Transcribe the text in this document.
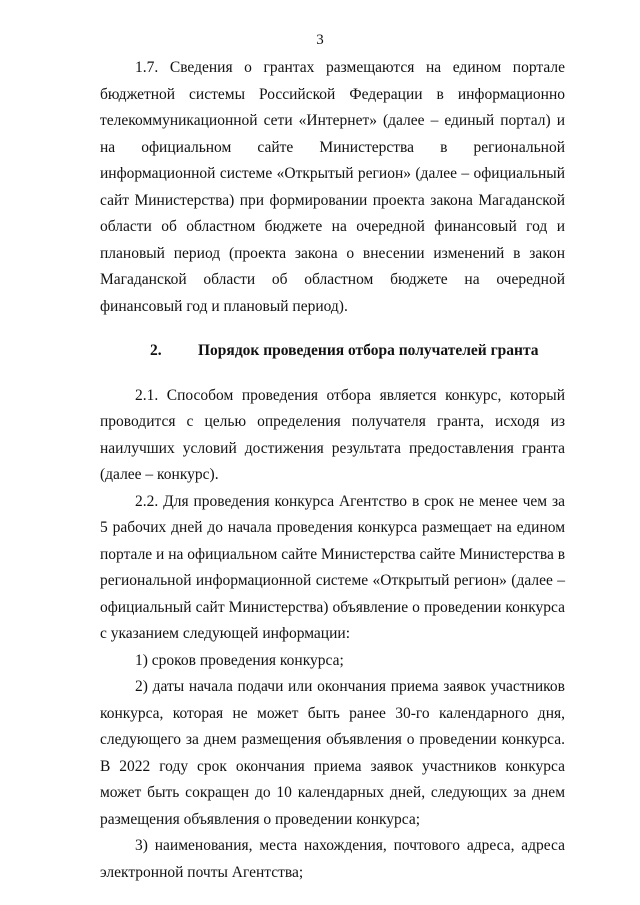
3

1.7. Сведения о грантах размещаются на едином портале бюджетной системы Российской Федерации в информационно телекоммуникационной сети «Интернет» (далее – единый портал) и на официальном сайте Министерства в региональной информационной системе «Открытый регион» (далее – официальный сайт Министерства) при формировании проекта закона Магаданской области об областном бюджете на очередной финансовый год и плановый период (проекта закона о внесении изменений в закон Магаданской области об областном бюджете на очередной финансовый год и плановый период).

2. Порядок проведения отбора получателей гранта

2.1. Способом проведения отбора является конкурс, который проводится с целью определения получателя гранта, исходя из наилучших условий достижения результата предоставления гранта (далее – конкурс).

2.2. Для проведения конкурса Агентство в срок не менее чем за 5 рабочих дней до начала проведения конкурса размещает на едином портале и на официальном сайте Министерства сайте Министерства в региональной информационной системе «Открытый регион» (далее – официальный сайт Министерства) объявление о проведении конкурса с указанием следующей информации:

1) сроков проведения конкурса;

2) даты начала подачи или окончания приема заявок участников конкурса, которая не может быть ранее 30-го календарного дня, следующего за днем размещения объявления о проведении конкурса. В 2022 году срок окончания приема заявок участников конкурса может быть сокращен до 10 календарных дней, следующих за днем размещения объявления о проведении конкурса;

3) наименования, места нахождения, почтового адреса, адреса электронной почты Агентства;
